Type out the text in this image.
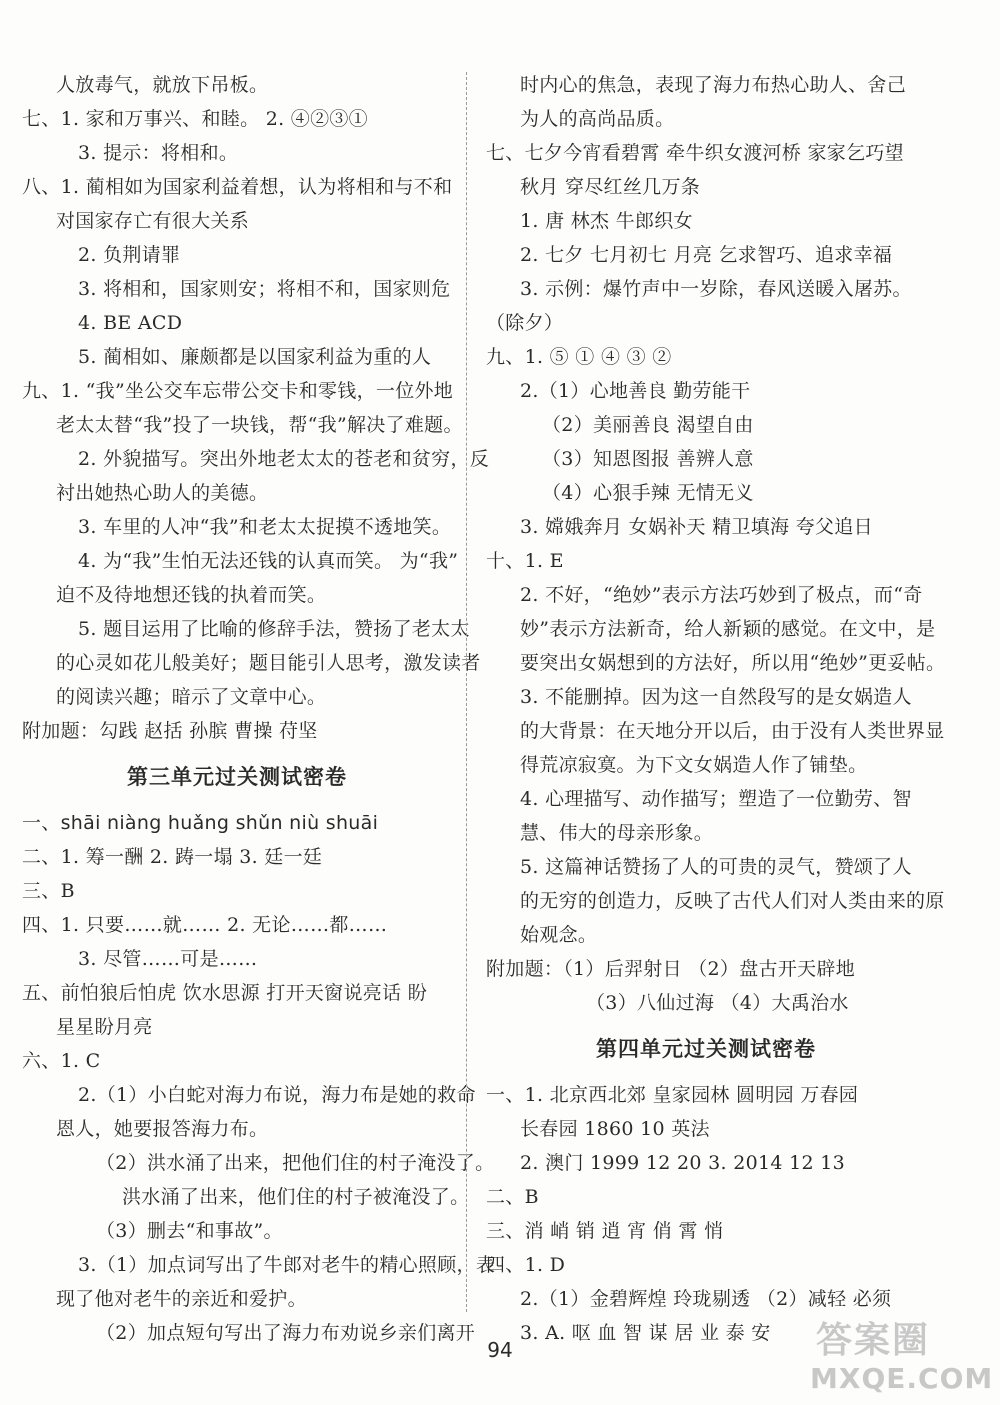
人放毒气，就放下吊板。
七、1. 家和万事兴、和睦。 2. ④②③①
3. 提示：将相和。
八、1. 蔺相如为国家利益着想，认为将相和与不和
对国家存亡有很大关系
2. 负荆请罪
3. 将相和，国家则安；将相不和，国家则危
4. BE ACD
5. 蔺相如、廉颇都是以国家利益为重的人
九、1. “我”坐公交车忘带公交卡和零钱，一位外地
老太太替“我”投了一块钱，帮“我”解决了难题。
2. 外貌描写。突出外地老太太的苍老和贫穷，反
衬出她热心助人的美德。
3. 车里的人冲“我”和老太太捉摸不透地笑。
4. 为“我”生怕无法还钱的认真而笑。 为“我”
迫不及待地想还钱的执着而笑。
5. 题目运用了比喻的修辞手法，赞扬了老太太
的心灵如花儿般美好；题目能引人思考，激发读者
的阅读兴趣；暗示了文章中心。
附加题：勾践 赵括 孙膑 曹操 苻坚
第三单元过关测试密卷
一、shāi niàng huǎng shǔn niù shuāi
二、1. 筹一酬 2. 踌一塌 3. 廷一廷
三、B
四、1. 只要……就…… 2. 无论……都……
3. 尽管……可是……
五、前怕狼后怕虎 饮水思源 打开天窗说亮话 盼
星星盼月亮
六、1. C
2.（1）小白蛇对海力布说，海力布是她的救命
恩人，她要报答海力布。
（2）洪水涌了出来，把他们住的村子淹没了。
洪水涌了出来，他们住的村子被淹没了。
（3）删去“和事故”。
3.（1）加点词写出了牛郎对老牛的精心照顾，表
现了他对老牛的亲近和爱护。
（2）加点短句写出了海力布劝说乡亲们离开
时内心的焦急，表现了海力布热心助人、舍己
为人的高尚品质。
七、七夕今宵看碧霄 牵牛织女渡河桥 家家乞巧望
秋月 穿尽红丝几万条
1. 唐 林杰 牛郎织女
2. 七夕 七月初七 月亮 乞求智巧、追求幸福
3. 示例：爆竹声中一岁除，春风送暖入屠苏。
（除夕）
九、1. ⑤ ① ④ ③ ②
2.（1）心地善良 勤劳能干
（2）美丽善良 渴望自由
（3）知恩图报 善辨人意
（4）心狠手辣 无情无义
3. 嫦娥奔月 女娲补天 精卫填海 夸父追日
十、1. E
2. 不好，“绝妙”表示方法巧妙到了极点，而“奇
妙”表示方法新奇，给人新颖的感觉。在文中，是
要突出女娲想到的方法好，所以用“绝妙”更妥帖。
3. 不能删掉。因为这一自然段写的是女娲造人
的大背景：在天地分开以后，由于没有人类世界显
得荒凉寂寞。为下文女娲造人作了铺垫。
4. 心理描写、动作描写；塑造了一位勤劳、智
慧、伟大的母亲形象。
5. 这篇神话赞扬了人的可贵的灵气，赞颂了人
的无穷的创造力，反映了古代人们对人类由来的原
始观念。
附加题：（1）后羿射日 （2）盘古开天辟地
（3）八仙过海 （4）大禹治水
第四单元过关测试密卷
一、1. 北京西北郊 皇家园林 圆明园 万春园
长春园 1860 10 英法
2. 澳门 1999 12 20 3. 2014 12 13
二、B
三、消 峭 销 逍 宵 俏 霄 悄
四、1. D
2.（1）金碧辉煌 玲珑剔透 （2）减轻 必须
3. A. 呕 血 智 谋 居 业 泰 安
94	答案圈
MXQE.COM
